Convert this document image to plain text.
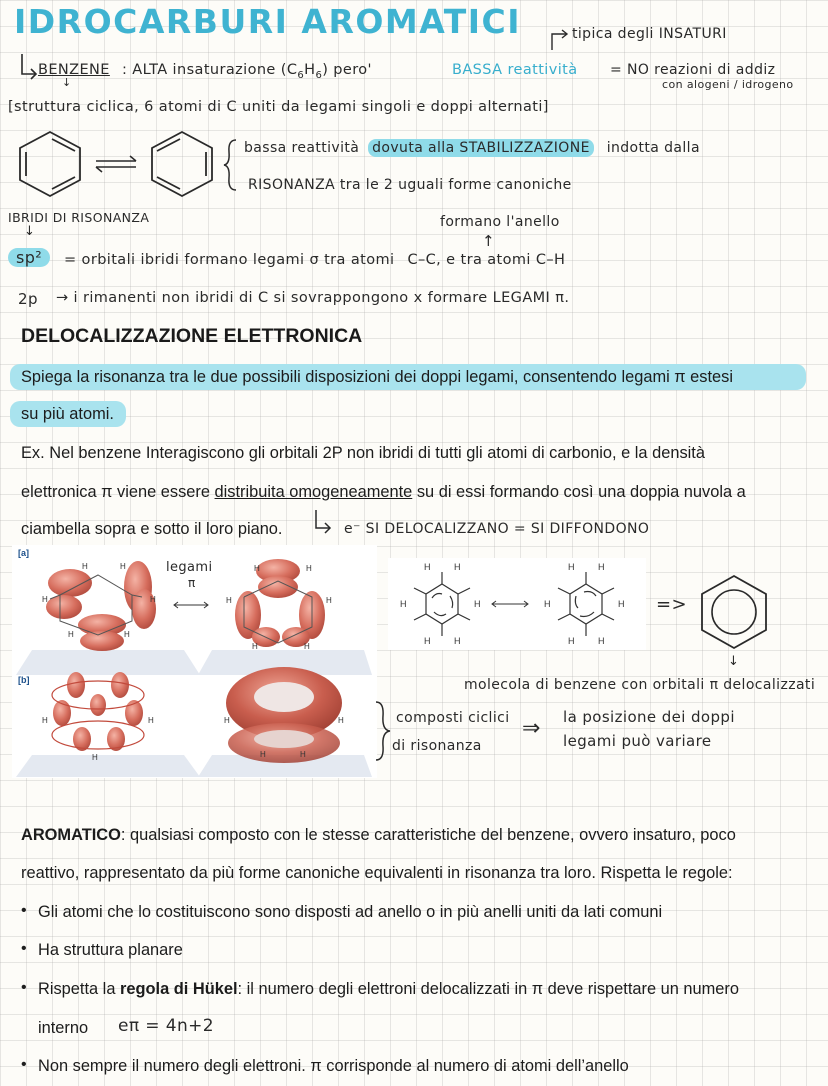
IDROCARBURI AROMATICI	tipica degli INSATURI
BENZENE
↓
: ALTA insaturazione $(C_6H_6)$ pero'	BASSA reattività = NO reazioni di addiz
con alogeni / idrogeno
[struttura ciclica, 6 atomi di C uniti da legami singoli e doppi alternati]
bassa reattività dovuta alla STABILIZZAZIONE indotta dalla
RISONANZA tra le 2 uguali forme canoniche
IBRIDI DI RISONANZA
↓
formano l'anello
↑
sp²	= orbitali ibridi formano legami σ tra atomi C–C, e tra atomi C–H
2p → i rimanenti non ibridi di C si sovrappongono x formare LEGAMI π.
DELOCALIZZAZIONE ELETTRONICA
Spiega la risonanza tra le due possibili disposizioni dei doppi legami, consentendo legami π estesi
su più atomi.
Ex. Nel benzene Interagiscono gli orbitali 2P non ibridi di tutti gli atomi di carbonio, e la densità
elettronica π viene essere distribuita omogeneamente su di essi formando così una doppia nuvola a
ciambella sopra e sotto il loro piano.	e⁻ SI DELOCALIZZANO = SI DIFFONDONO
[a]
[b]
H	H
H	H
H	H	H	H
H	H
H	H
H	H
H
H	H
H	H
legami
π
H	H
H	H
H	H
H	H
H	H
H	H
=>
↓
molecola di benzene con orbitali π delocalizzati
composti ciclici
di risonanza
⇒ la posizione dei doppi
legami può variare
AROMATICO: qualsiasi composto con le stesse caratteristiche del benzene, ovvero insaturo, poco
reattivo, rappresentato da più forme canoniche equivalenti in risonanza tra loro. Rispetta le regole:
• Gli atomi che lo costituiscono sono disposti ad anello o in più anelli uniti da lati comuni
• Ha struttura planare
• Rispetta la regola di Hükel: il numero degli elettroni delocalizzati in π deve rispettare un numero
interno eπ = 4n+2
• Non sempre il numero degli elettroni. π corrisponde al numero di atomi dell’anello
